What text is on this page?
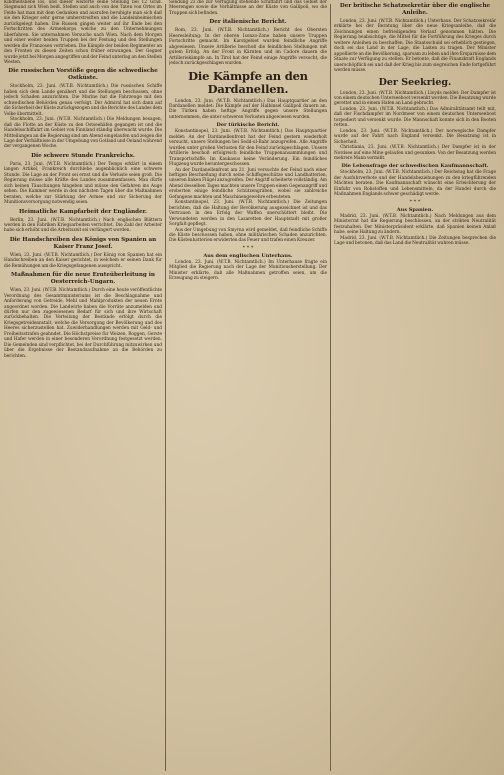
Kindheitsliebe los, und dieser weiterte seine Stellung bei 12 Grad. Siegmund sich Wien beiß. Stellen und auch von den Taten von Ortes im Felde hat man mit dem Gedanken und ausrufen beruhigte man sich daß sie den Krieger sehr gerne umherstreiften und die Landeinheimischen zurückgelegt haben. Die Russen gingen weiter auf ihr Ende bei den Fortschritten des Armeekorps welche zu den Unternehmungen überfahren. Sie unternahmen Versuche nach Wien. Nach dem Morgen und einer weiter beiden Truppen bei der Festung und den Stellungen werden die Franzosen vertrieben. Die Kämpfe der beiden Regimenter an den Fronten zu diesen Zeiten schon früher erzwungen. Der Gegner wurde jetzt bei Morgen angegriffen und der Feind unterlag an den Stellen Westen.

Die russischen Vorstöße gegen die schwedische Ostküste.

Stockholm, 23. Juni. (W.T.B. Nichtamtlich.) Die russischen Schiffe haben sich dem Lande genähert und die Stellungen beschossen, ohne jedoch Schaden anzurichten. Die Marine hat die Fahrzeuge mit den schwedischen Behörden genau verfolgt. Der Admiral hat sich dann auf die Sicherheit der Küste zurückgezogen und die Berichte des Landes dem Volke übermittelt.

Stockholm, 23. Juni. (W.T.B. Nichtamtlich.) Die Meldungen besagen, daß die Flotte an der Küste zu den Ostseehäfen gegangen ist und die Handelsschiffahrt im Gebiet von Finnland ständig überwacht wurde. Die Mitteilungen an die Regierung sind am Abend eingelaufen und zeigen die Lage der Verhältnisse in der Umgebung von Gotland und Oeland während der vergangenen Woche.

Die schwere Stunde Frankreichs.

Paris, 23. Juni. (W.T.B. Nichtamtlich.) Der Temps erklärt in einem langen Artikel, Frankreich durchlebe augenblicklich eine schwere Stunde. Die Lage an der Front sei ernst und die Verluste seien groß. Die Regierung müsse alle Kräfte des Landes zusammenfassen. Man dürfe sich keinen Täuschungen hingeben und müsse den Gefahren ins Auge sehen. Die Kammer werde in den nächsten Tagen über die Maßnahmen beraten, welche zur Stärkung der Armee und zur Sicherung der Munitionsversorgung notwendig seien.

Heimatliche Kampfarbeit der Engländer.

Berlin, 23. Juni. (W.T.B. Nichtamtlich.) Nach englischen Blättern werden in den Fabriken Kriegsarbeiten verrichtet. Die Zahl der Arbeiter habe sich erhöht und die Arbeitszeit sei verlängert worden.

Die Handschreiben des Königs von Spanien an Kaiser Franz Josef.

Wien, 23. Juni. (W.T.B. Nichtamtlich.) Der König von Spanien hat ein Handschreiben an den Kaiser gerichtet, in welchem er seinen Dank für die Bemühungen um die Kriegsgefangenen ausspricht.

Maßnahmen für die neue Ernteüberleitung in Oesterreich-Ungarn.

Wien, 23. Juni. (W.T.B. Nichtamtlich.) Durch eine heute veröffentlichte Verordnung des Gesamtministeriums ist die Beschlagnahme und Anforderung von Getreide, Mehl und Mahlprodukten der neuen Ernte angeordnet worden. Die Landwirte haben die Vorräte anzumelden und dürfen nur den zugewiesenen Bedarf für sich und ihre Wirtschaft zurückbehalten. Die Verteilung der Bestände erfolgt durch die Kriegsgetreideanstalt, welche die Versorgung der Bevölkerung und des Heeres sicherzustellen hat. Zuwiderhandlungen werden mit Geld- und Freiheitsstrafen geahndet. Die Höchstpreise für Weizen, Roggen, Gerste und Hafer werden in einer besonderen Verordnung festgesetzt werden. Die Gemeinden sind verpflichtet, bei der Durchführung mitzuwirken und über die Ergebnisse der Bestandsaufnahme an die Behörden zu berichten.

Sendung 23 die zur Verfügung stehende Schiffahrt und das Gebiet der Meerengen sowie die Verhältnisse an der Küste von Gallipoli, wo die Truppen sich befinden.

Der italienische Bericht.

Rom, 23. Juni. (W.T.B. Nichtamtlich.) Bericht des Obersten Heeresleitung: In der oberen Isonzo-Zone haben unsere Truppen Fortschritte gemacht. Im Karstgebiet wurden feindliche Angriffe abgewiesen. Unsere Artillerie beschoß die feindlichen Stellungen mit gutem Erfolg. An der Front in Kärnten und im Cadore dauern die Artilleriekämpfe an. In Tirol hat der Feind einige Angriffe versucht, die jedoch zurückgeschlagen wurden.

Die Kämpfe an den Dardanellen.

London, 23. Juni. (W.T.B. Nichtamtlich.) Das Hauptquartier an den Dardanellen meldet: Die Kämpfe auf der Halbinsel Gallipoli dauern an. Die Türken haben heftige Angriffe gegen unsere Stellungen unternommen, die unter schweren Verlusten abgewiesen wurden.

Der türkische Bericht.

Konstantinopel, 23. Juni. (W.T.B. Nichtamtlich.) Das Hauptquartier meldet: An der Dardanellenfront hat der Feind gestern wiederholt versucht, unsere Stellungen bei Sedd-ul-Bahr anzugreifen. Alle Angriffe wurden unter großen Verlusten für den Feind zurückgeschlagen. Unsere Artillerie beschoß erfolgreich feindliche Truppenansammlungen und Transportschiffe. Im Kaukasus keine Veränderung. Ein feindliches Flugzeug wurde heruntergeschossen.

An der Dardanellenfront am 21. Juni versuchte der Feind nach einer heftigen Beschießung durch seine Schiffsgeschütze und Landbatterien, unseren linken Flügel anzugreifen. Der Angriff scheiterte vollständig. Am Abend desselben Tages machten unsere Truppen einen Gegenangriff und eroberten einige feindliche Schützengräben, wobei sie zahlreiche Gefangene machten und Maschinengewehre erbeuteten.

Konstantinopel, 23. Juni. (W.T.B. Nichtamtlich.) Die Zeitungen berichten, daß die Haltung der Bevölkerung ausgezeichnet ist und das Vertrauen in den Erfolg der Waffen unerschüttert bleibt. Die Verwundeten werden in den Lazaretten der Hauptstadt mit großer Sorgfalt gepflegt.

Aus der Umgebung von Smyrna wird gemeldet, daß feindliche Schiffe die Küste beschossen haben, ohne militärischen Schaden anzurichten. Die Küstenbatterien erwiderten das Feuer und trafen einen Kreuzer.

* * *
Aus dem englischen Unterhaus.

London, 23. Juni. (W.T.B. Nichtamtlich.) Im Unterhause fragte ein Mitglied die Regierung nach der Lage der Munitionsherstellung. Der Minister erklärte, daß alle Maßnahmen getroffen seien, um die Erzeugung zu steigern.

Der britische Schatzsekretär über die englische Anleihe.

London, 23. Juni. (W.T.B. Nichtamtlich.) Unterhaus. Der Schatzsekretär erklärte bei der Beratung über die neue Kriegsanleihe, daß die Zeichnungen einen befriedigenden Verlauf genommen hätten. Die Regierung beabsichtige, die Mittel für die Fortführung des Krieges durch weitere Anleihen zu beschaffen. Die Staatsschuld sei erheblich gestiegen, doch sei das Land in der Lage, die Lasten zu tragen. Der Minister appellierte an die Bevölkerung, sparsam zu leben und ihre Ersparnisse dem Staate zur Verfügung zu stellen. Er betonte, daß die Finanzkraft Englands unerschöpflich sei und daß der Krieg bis zum siegreichen Ende fortgeführt werden müsse.

Der Seekrieg.

London, 23. Juni. (W.T.B. Nichtamtlich.) Lloyds meldet: Der Dampfer ist von einem deutschen Unterseeboot versenkt worden. Die Besatzung wurde gerettet und in einem Hafen an Land gebracht.

London, 23. Juni. (W.T.B. Nichtamtlich.) Das Admiralitätsamt teilt mit, daß der Fischdampfer im Nordmeer von einem deutschen Unterseeboot torpediert und versenkt wurde. Die Mannschaft konnte sich in den Booten retten.

London, 23. Juni. (W.T.B. Nichtamtlich.) Der norwegische Dampfer wurde auf der Fahrt nach England versenkt. Die Besatzung ist in Sicherheit.

Christiania, 23. Juni. (W.T.B. Nichtamtlich.) Der Dampfer ist in der Nordsee auf eine Mine gelaufen und gesunken. Von der Besatzung werden mehrere Mann vermißt.

Die Lebensfrage der schwedischen Kaufmannschaft.

Stockholm, 23. Juni. (W.T.B. Nichtamtlich.) Der Reichstag hat die Frage der Ausfuhrverbote und der Handelsbeziehungen zu den kriegführenden Mächten beraten. Die Kaufmannschaft wünscht eine Erleichterung der Einfuhr von Rohstoffen und Lebensmitteln, da der Handel durch die Maßnahmen Englands schwer geschädigt werde.

* * *
Aus Spanien.

Madrid, 23. Juni. (W.T.B. Nichtamtlich.) Nach Meldungen aus dem Ministerrat hat die Regierung beschlossen, an der strikten Neutralität festzuhalten. Der Ministerpräsident erklärte, daß Spanien keinen Anlaß habe, seine Haltung zu ändern.

Madrid, 23. Juni. (W.T.B. Nichtamtlich.) Die Zeitungen besprechen die Lage und betonen, daß das Land die Neutralität wahren müsse.
